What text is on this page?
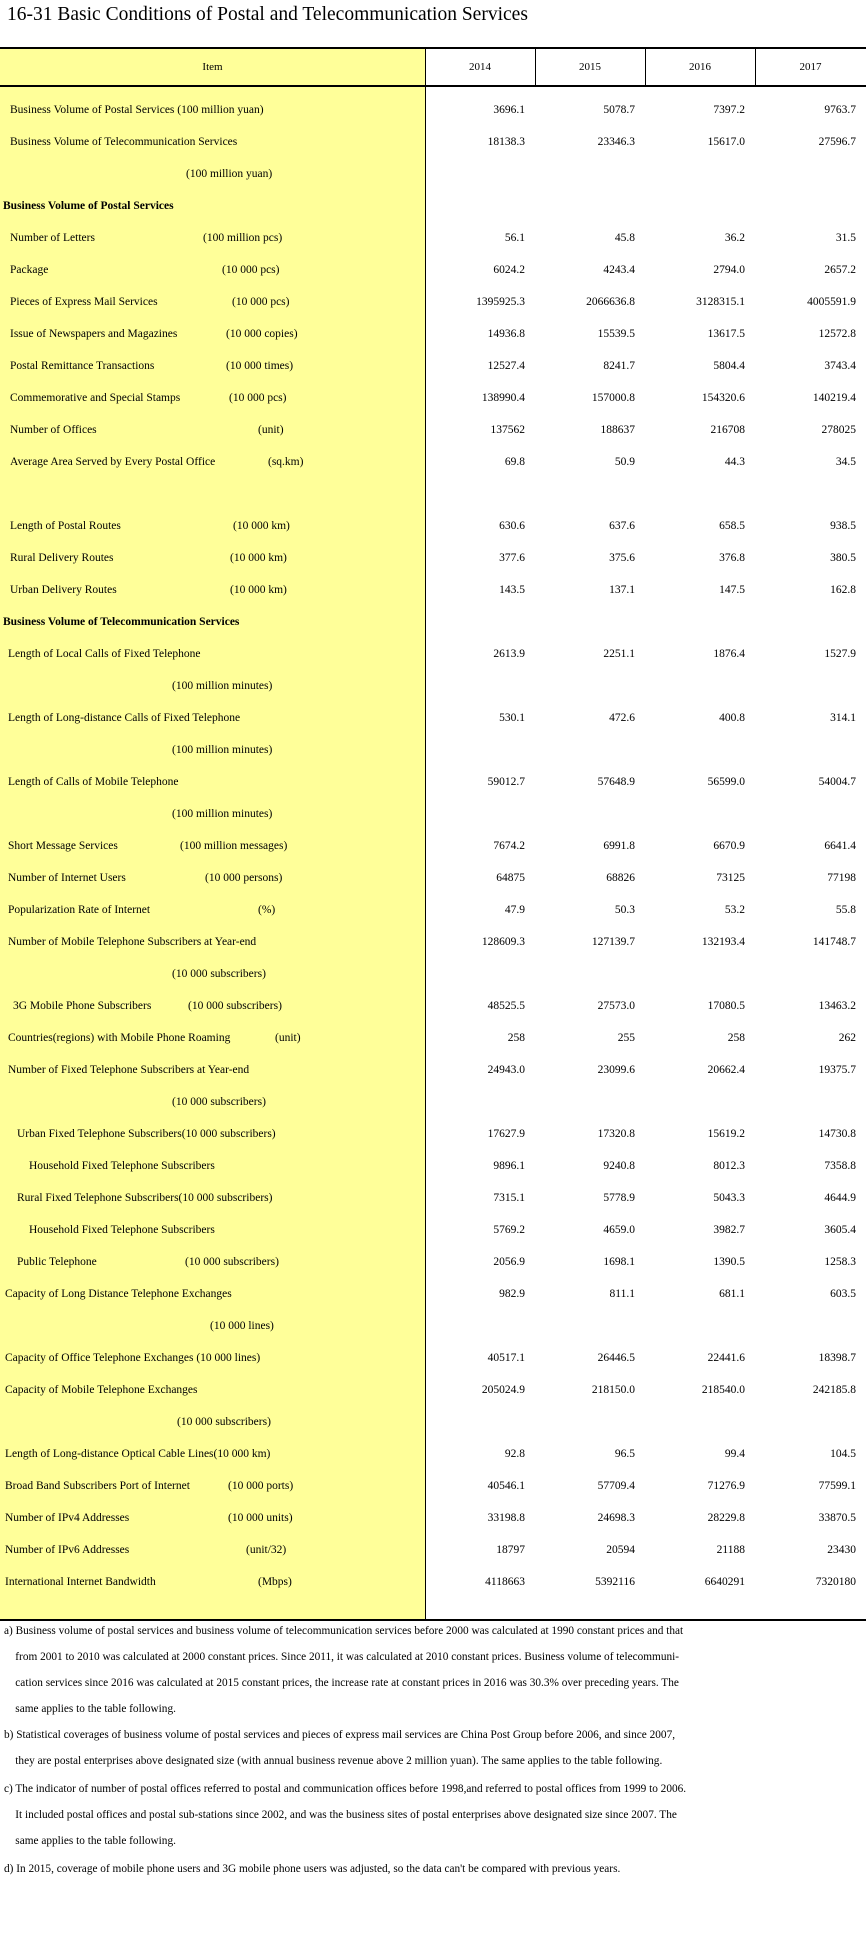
16-31 Basic Conditions of Postal and Telecommunication Services
Item	2014	2015	2016	2017
Business Volume of Postal Services (100 million yuan)	3696.1	5078.7	7397.2	9763.7
Business Volume of Telecommunication Services	18138.3	23346.3	15617.0	27596.7
(100 million yuan)
Business Volume of Postal Services
Number of Letters	(100 million pcs)	56.1	45.8	36.2	31.5
Package	(10 000 pcs)	6024.2	4243.4	2794.0	2657.2
Pieces of Express Mail Services	(10 000 pcs)	1395925.3	2066636.8	3128315.1	4005591.9
Issue of Newspapers and Magazines	(10 000 copies)	14936.8	15539.5	13617.5	12572.8
Postal Remittance Transactions	(10 000 times)	12527.4	8241.7	5804.4	3743.4
Commemorative and Special Stamps	(10 000 pcs)	138990.4	157000.8	154320.6	140219.4
Number of Offices	(unit)	137562	188637	216708	278025
Average Area Served by Every Postal Office	(sq.km)	69.8	50.9	44.3	34.5
Length of Postal Routes	(10 000 km)	630.6	637.6	658.5	938.5
Rural Delivery Routes	(10 000 km)	377.6	375.6	376.8	380.5
Urban Delivery Routes	(10 000 km)	143.5	137.1	147.5	162.8
Business Volume of Telecommunication Services
Length of Local Calls of Fixed Telephone	2613.9	2251.1	1876.4	1527.9
(100 million minutes)
Length of Long-distance Calls of Fixed Telephone	530.1	472.6	400.8	314.1
(100 million minutes)
Length of Calls of Mobile Telephone	59012.7	57648.9	56599.0	54004.7
(100 million minutes)
Short Message Services	(100 million messages)	7674.2	6991.8	6670.9	6641.4
Number of Internet Users	(10 000 persons)	64875	68826	73125	77198
Popularization Rate of Internet	(%)	47.9	50.3	53.2	55.8
Number of Mobile Telephone Subscribers at Year-end	128609.3	127139.7	132193.4	141748.7
(10 000 subscribers)
3G Mobile Phone Subscribers	(10 000 subscribers)	48525.5	27573.0	17080.5	13463.2
Countries(regions) with Mobile Phone Roaming	(unit)	258	255	258	262
Number of Fixed Telephone Subscribers at Year-end	24943.0	23099.6	20662.4	19375.7
(10 000 subscribers)
Urban Fixed Telephone Subscribers(10 000 subscribers)	17627.9	17320.8	15619.2	14730.8
Household Fixed Telephone Subscribers	9896.1	9240.8	8012.3	7358.8
Rural Fixed Telephone Subscribers(10 000 subscribers)	7315.1	5778.9	5043.3	4644.9
Household Fixed Telephone Subscribers	5769.2	4659.0	3982.7	3605.4
Public Telephone	(10 000 subscribers)	2056.9	1698.1	1390.5	1258.3
Capacity of Long Distance Telephone Exchanges	982.9	811.1	681.1	603.5
(10 000 lines)
Capacity of Office Telephone Exchanges (10 000 lines)	40517.1	26446.5	22441.6	18398.7
Capacity of Mobile Telephone Exchanges	205024.9	218150.0	218540.0	242185.8
(10 000 subscribers)
Length of Long-distance Optical Cable Lines(10 000 km)	92.8	96.5	99.4	104.5
Broad Band Subscribers Port of Internet	(10 000 ports)	40546.1	57709.4	71276.9	77599.1
Number of IPv4 Addresses	(10 000 units)	33198.8	24698.3	28229.8	33870.5
Number of IPv6 Addresses	(unit/32)	18797	20594	21188	23430
International Internet Bandwidth	(Mbps)	4118663	5392116	6640291	7320180
a) Business volume of postal services and business volume of telecommunication services before 2000 was calculated at 1990 constant prices and that
from 2001 to 2010 was calculated at 2000 constant prices. Since 2011, it was calculated at 2010 constant prices. Business volume of telecommuni-
cation services since 2016 was calculated at 2015 constant prices, the increase rate at constant prices in 2016 was 30.3% over preceding years. The
same applies to the table following.
b) Statistical coverages of business volume of postal services and pieces of express mail services are China Post Group before 2006, and since 2007,
they are postal enterprises above designated size (with annual business revenue above 2 million yuan). The same applies to the table following.
c) The indicator of number of postal offices referred to postal and communication offices before 1998,and referred to postal offices from 1999 to 2006.
It included postal offices and postal sub-stations since 2002, and was the business sites of postal enterprises above designated size since 2007. The
same applies to the table following.
d) In 2015, coverage of mobile phone users and 3G mobile phone users was adjusted, so the data can't be compared with previous years.
